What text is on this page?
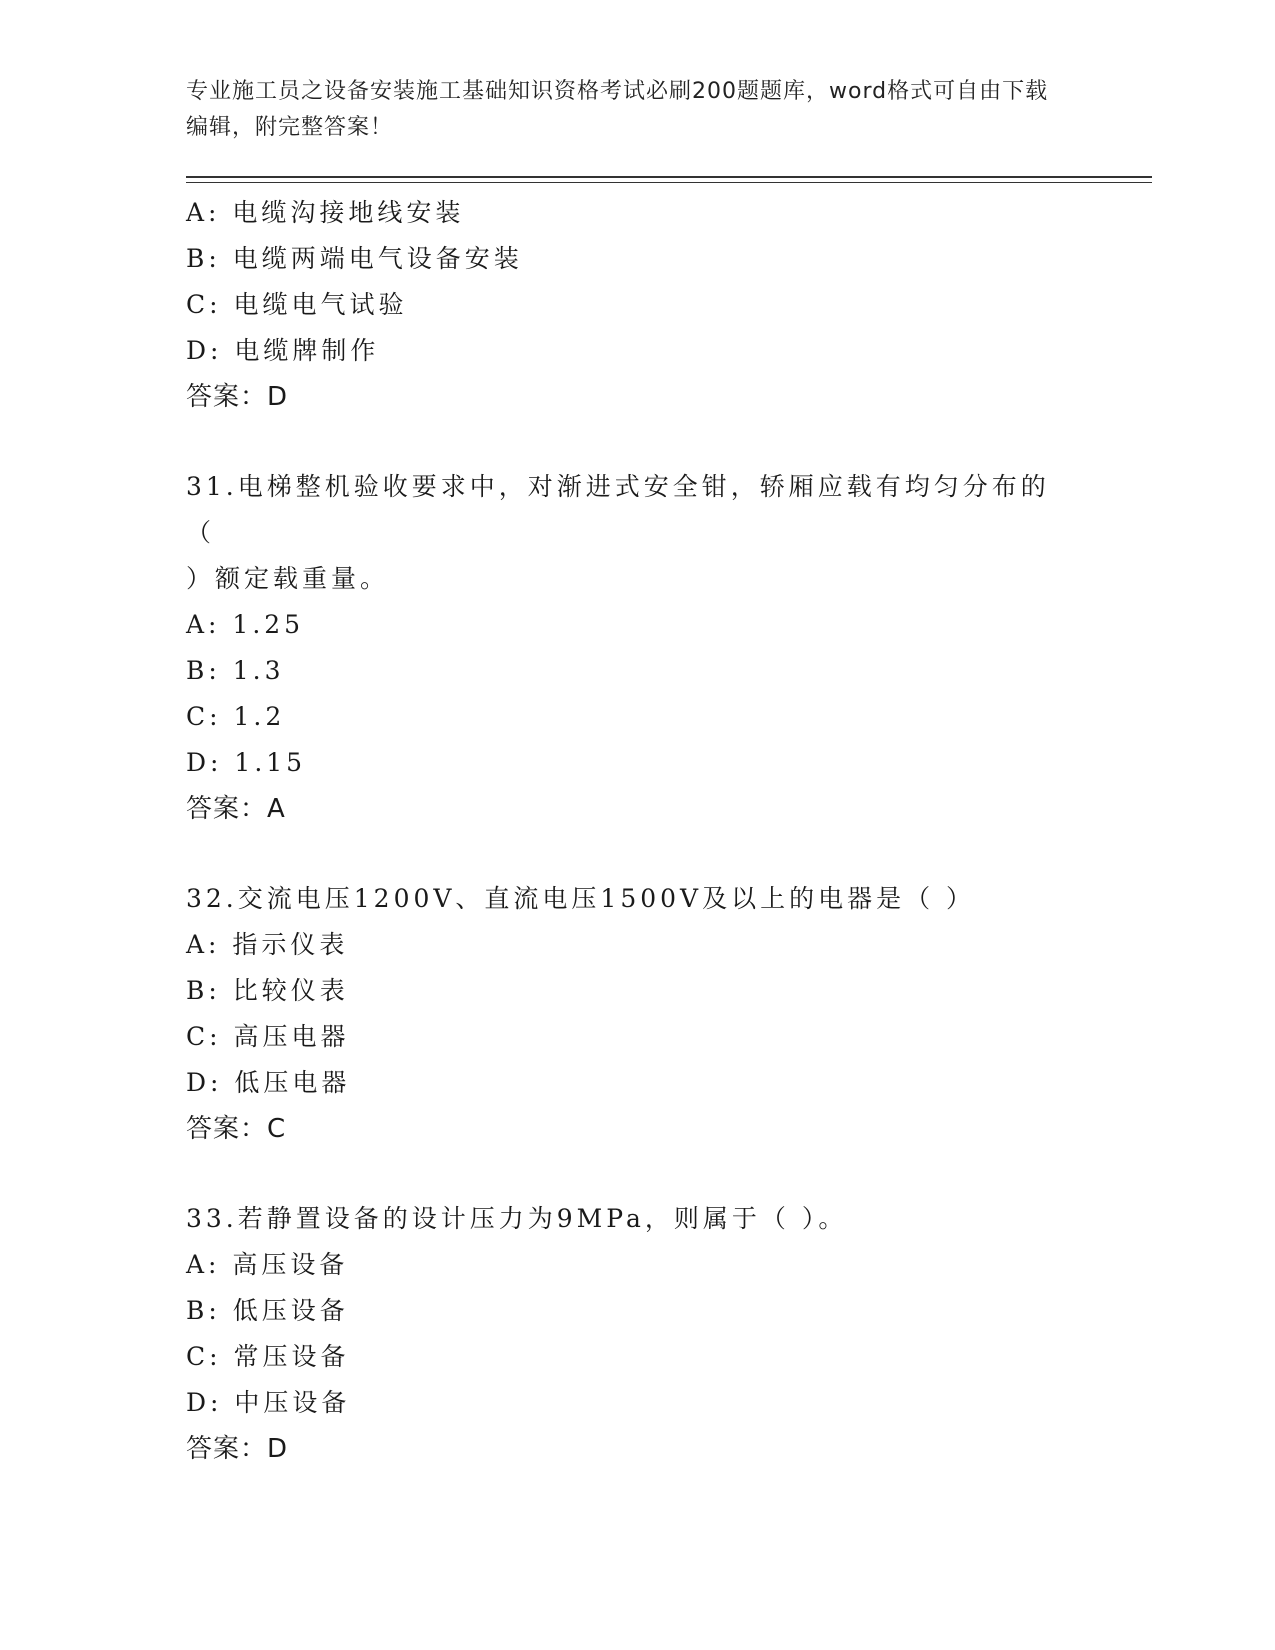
专业施工员之设备安装施工基础知识资格考试必刷200题题库，word格式可自由下载编辑，附完整答案！
A: 电缆沟接地线安装
B: 电缆两端电气设备安装
C: 电缆电气试验
D: 电缆牌制作
答案：D
31.电梯整机验收要求中，对渐进式安全钳，轿厢应载有均匀分布的（
）额定载重量。
A: 1.25
B: 1.3
C: 1.2
D: 1.15
答案：A
32.交流电压1200V、直流电压1500V及以上的电器是（ ）
A: 指示仪表
B: 比较仪表
C: 高压电器
D: 低压电器
答案：C
33.若静置设备的设计压力为9MPa，则属于（ ）。
A: 高压设备
B: 低压设备
C: 常压设备
D: 中压设备
答案：D
